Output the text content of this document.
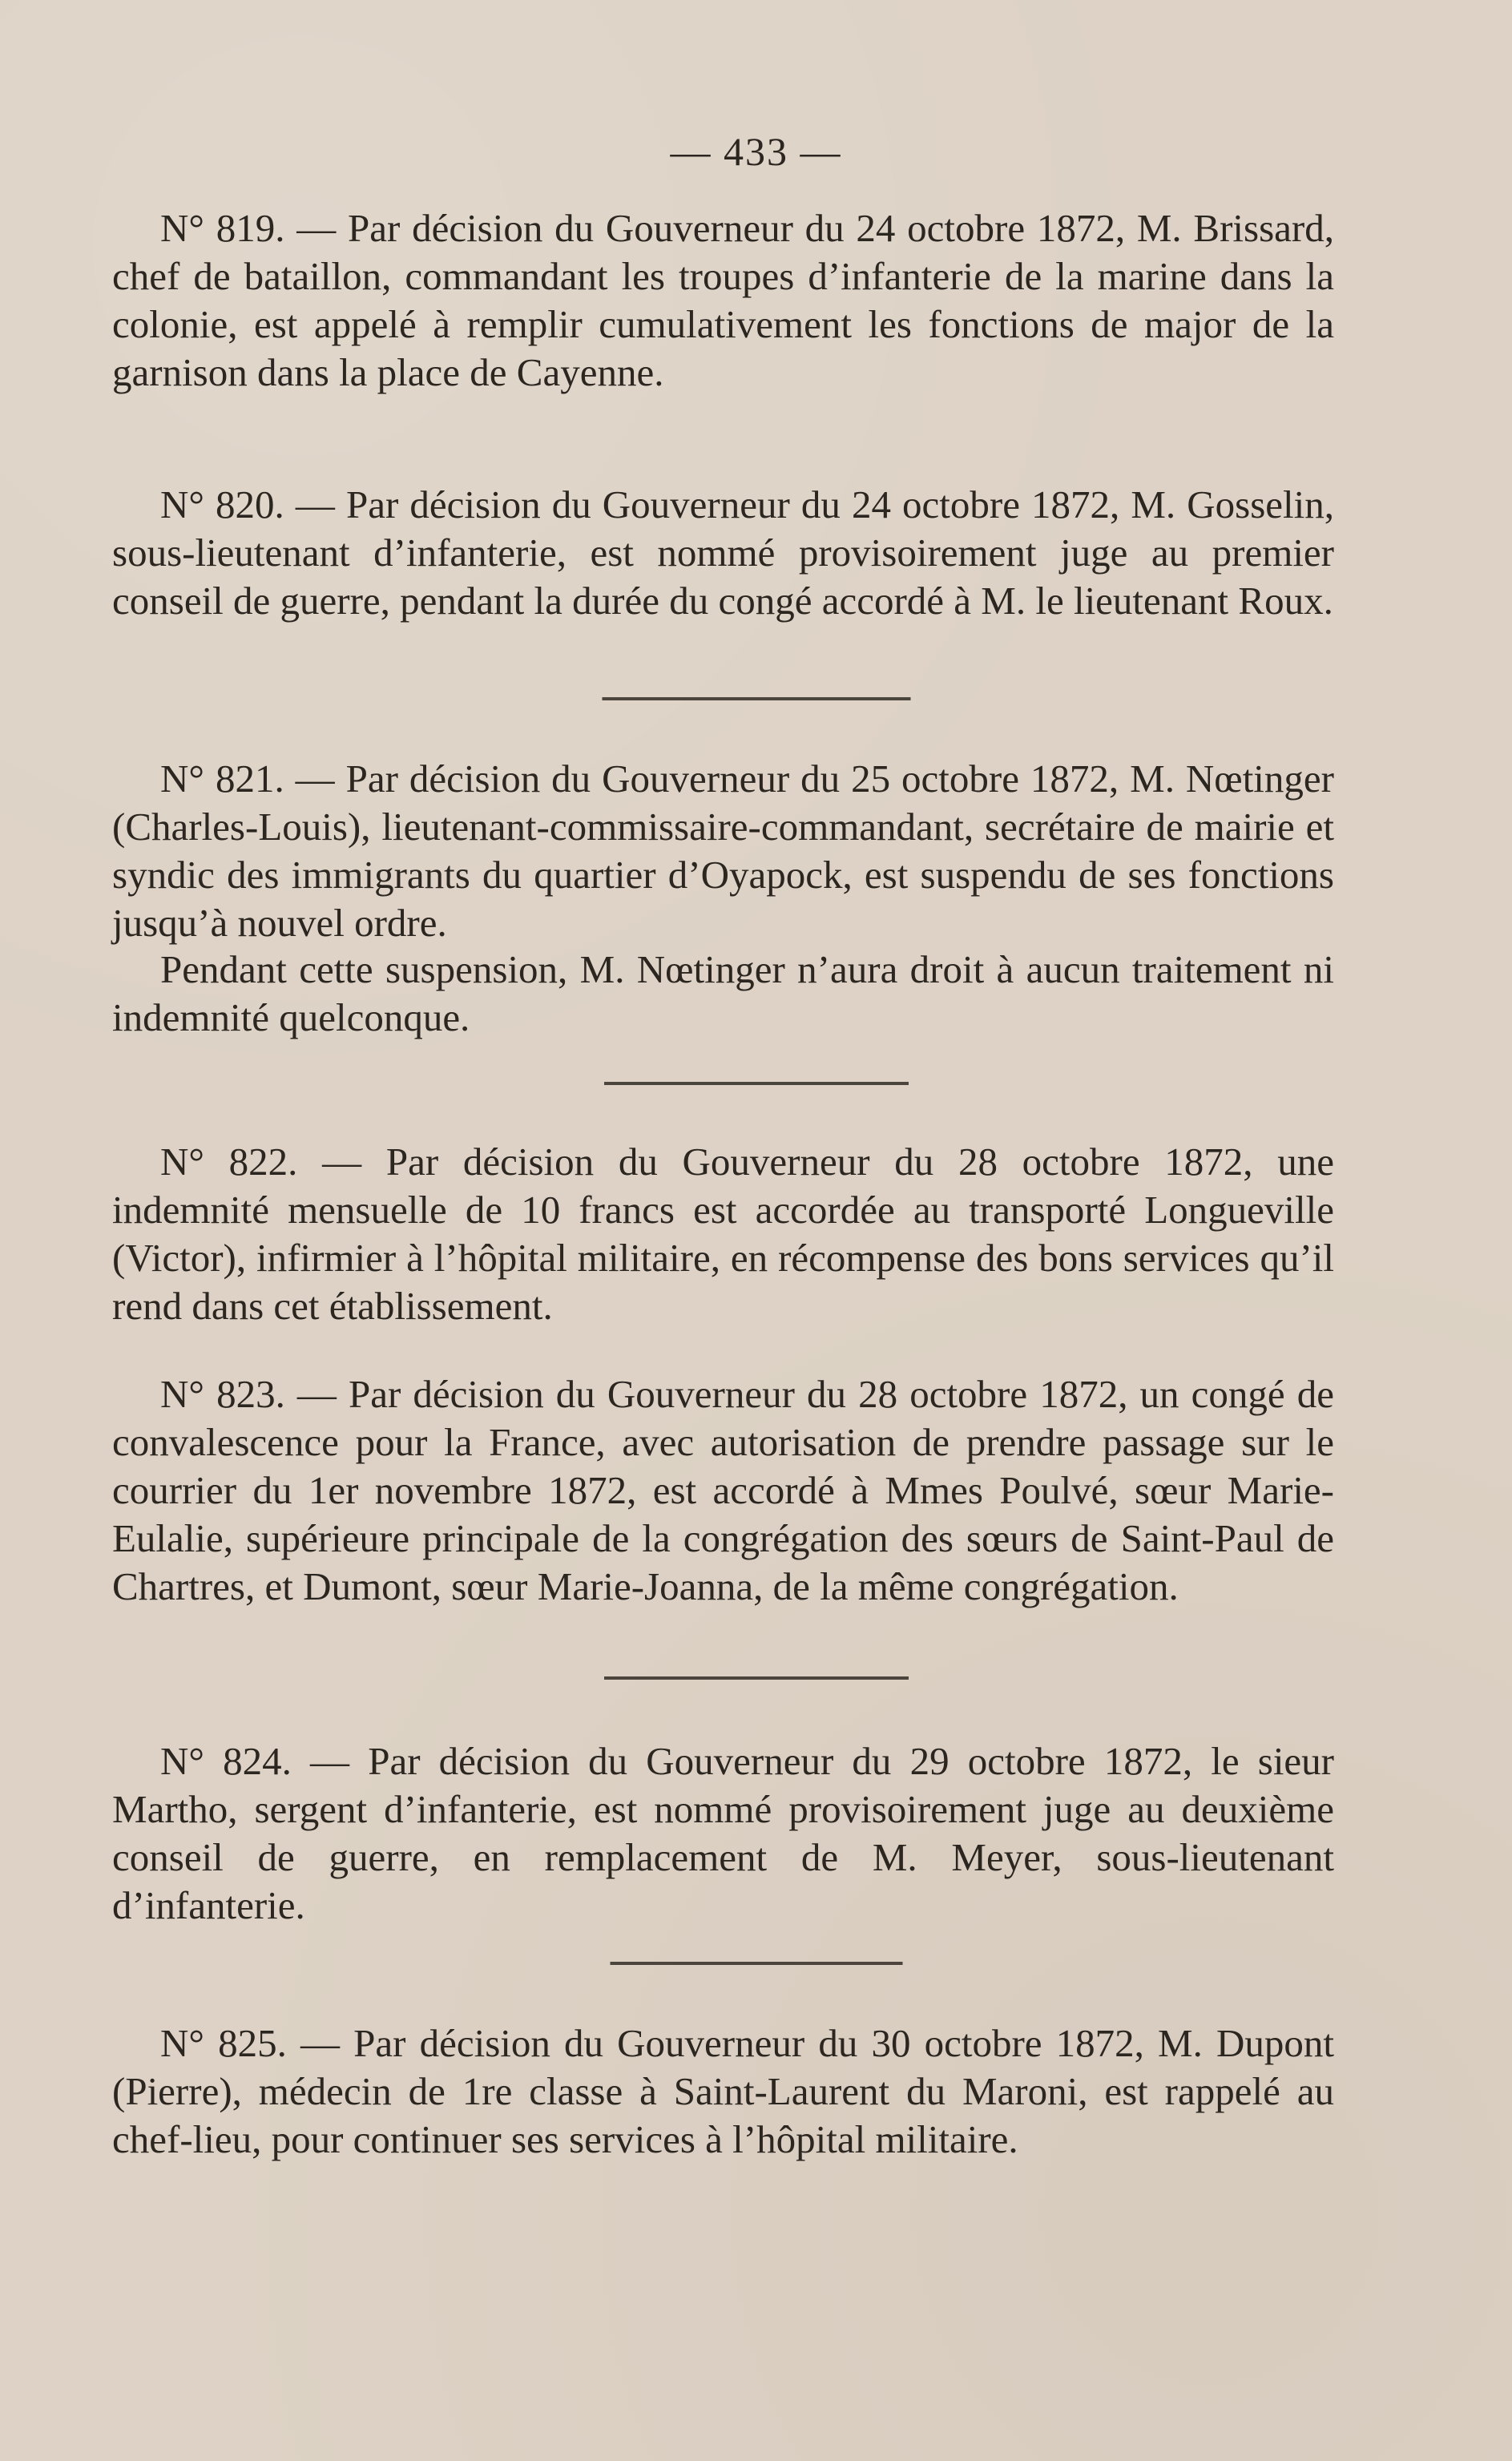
— 433 —

N° 819. — Par décision du Gouverneur du 24 octobre 1872, M. Brissard, chef de bataillon, commandant les troupes d’infanterie de la marine dans la colonie, est appelé à remplir cumulativement les fonctions de major de la garnison dans la place de Cayenne.

N° 820. — Par décision du Gouverneur du 24 octobre 1872, M. Gosselin, sous-lieutenant d’infanterie, est nommé provisoirement juge au premier conseil de guerre, pendant la durée du congé accordé à M. le lieutenant Roux.

N° 821. — Par décision du Gouverneur du 25 octobre 1872, M. Nœtinger (Charles-Louis), lieutenant-commissaire-commandant, secrétaire de mairie et syndic des immigrants du quartier d’Oyapock, est suspendu de ses fonctions jusqu’à nouvel ordre.

Pendant cette suspension, M. Nœtinger n’aura droit à aucun traitement ni indemnité quelconque.

N° 822. — Par décision du Gouverneur du 28 octobre 1872, une indemnité mensuelle de 10 francs est accordée au transporté Longueville (Victor), infirmier à l’hôpital militaire, en récompense des bons services qu’il rend dans cet établissement.

N° 823. — Par décision du Gouverneur du 28 octobre 1872, un congé de convalescence pour la France, avec autorisation de prendre passage sur le courrier du 1er novembre 1872, est accordé à Mmes Poulvé, sœur Marie-Eulalie, supérieure principale de la congrégation des sœurs de Saint-Paul de Chartres, et Dumont, sœur Marie-Joanna, de la même congrégation.

N° 824. — Par décision du Gouverneur du 29 octobre 1872, le sieur Martho, sergent d’infanterie, est nommé provisoirement juge au deuxième conseil de guerre, en remplacement de M. Meyer, sous-lieutenant d’infanterie.

N° 825. — Par décision du Gouverneur du 30 octobre 1872, M. Dupont (Pierre), médecin de 1re classe à Saint-Laurent du Maroni, est rappelé au chef-lieu, pour continuer ses services à l’hôpital militaire.
